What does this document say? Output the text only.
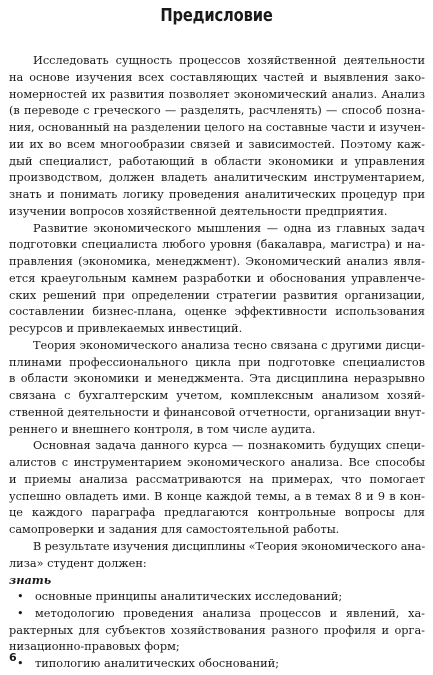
Предисловие
Исследовать сущность процессов хозяйственной деятельности
на основе изучения всех составляющих частей и выявления зако-
номерностей их развития позволяет экономический анализ. Анализ
(в переводе с греческого — разделять, расчленять) — способ позна-
ния, основанный на разделении целого на составные части и изучен-
ии их во всем многообразии связей и зависимостей. Поэтому каж-
дый специалист, работающий в области экономики и управления
производством, должен владеть аналитическим инструментарием,
знать и понимать логику проведения аналитических процедур при
изучении вопросов хозяйственной деятельности предприятия.
Развитие экономического мышления — одна из главных задач
подготовки специалиста любого уровня (бакалавра, магистра) и на-
правления (экономика, менеджмент). Экономический анализ явля-
ется краеугольным камнем разработки и обоснования управленче-
ских решений при определении стратегии развития организации,
составлении бизнес-плана, оценке эффективности использования
ресурсов и привлекаемых инвестиций.
Теория экономического анализа тесно связана с другими дисци-
плинами профессионального цикла при подготовке специалистов
в области экономики и менеджмента. Эта дисциплина неразрывно
связана с бухгалтерским учетом, комплексным анализом хозяй-
ственной деятельности и финансовой отчетности, организации внут-
реннего и внешнего контроля, в том числе аудита.
Основная задача данного курса — познакомить будущих специ-
алистов с инструментарием экономического анализа. Все способы
и приемы анализа рассматриваются на примерах, что помогает
успешно овладеть ими. В конце каждой темы, а в темах 8 и 9 в кон-
це каждого параграфа предлагаются контрольные вопросы для
самопроверки и задания для самостоятельной работы.
В результате изучения дисциплины «Теория экономического ана-
лиза» студент должен:
знать
• основные принципы аналитических исследований;
• методологию проведения анализа процессов и явлений, ха-
рактерных для субъектов хозяйствования разного профиля и орга-
низационно-правовых форм;
• типологию аналитических обоснований;
6
